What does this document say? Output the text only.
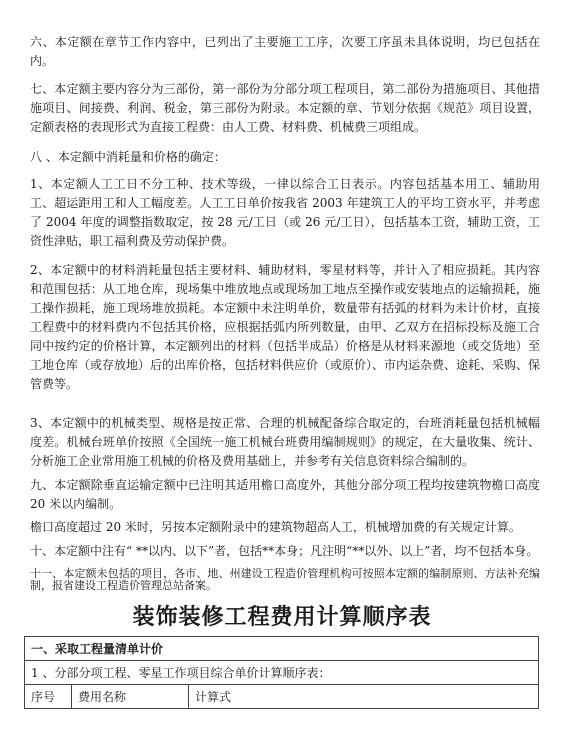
六、本定额在章节工作内容中，已列出了主要施工工序，次要工序虽未具体说明，均已包括在内。

七、本定额主要内容分为三部份，第一部份为分部分项工程项目，第二部份为措施项目、其他措施项目、间接费、利润、税金，第三部份为附录。本定额的章、节划分依据《规范》项目设置，定额表格的表现形式为直接工程费：由人工费、材料费、机械费三项组成。

八 、本定额中消耗量和价格的确定：

1、本定额人工工日不分工种、技术等级，一律以综合工日表示。内容包括基本用工、辅助用工、超运距用工和人工幅度差。人工工日单价按我省 2003 年建筑工人的平均工资水平，并考虑了 2004 年度的调整指数取定，按 28 元/工日（或 26 元/工日），包括基本工资，辅助工资，工资性津贴，职工福利费及劳动保护费。

2、本定额中的材料消耗量包括主要材料、辅助材料，零星材料等，并计入了相应损耗。其内容和范围包括：从工地仓库，现场集中堆放地点或现场加工地点至操作或安装地点的运输损耗，施工操作损耗，施工现场堆放损耗。本定额中未注明单价，数量带有括弧的材料为未计价材，直接工程费中的材料费内不包括其价格，应根据括弧内所列数量，由甲、乙双方在招标投标及施工合同中按约定的价格计算，本定额列出的材料（包括半成品）价格是从材料来源地（或交货地）至工地仓库（或存放地）后的出库价格，包括材料供应价（或原价）、市内运杂费、途耗、采购、保管费等。

3、本定额中的机械类型、规格是按正常、合理的机械配备综合取定的，台班消耗量包括机械幅度差。机械台班单价按照《全国统一施工机械台班费用编制规则》的规定，在大量收集、统计、分析施工企业常用施工机械的价格及费用基础上，并参考有关信息资料综合编制的。

九、本定额除垂直运输定额中已注明其适用檐口高度外，其他分部分项工程均按建筑物檐口高度 20 米以内编制。

檐口高度超过 20 米时，另按本定额附录中的建筑物超高人工，机械增加费的有关规定计算。

十、本定额中注有“ **以内、以下”者，包括**本身；凡注明“**以外、以上”者，均不包括本身。

十一、本定额未包括的项目，各市、地、州建设工程造价管理机构可按照本定额的编制原则、方法补充编制，报省建设工程造价管理总站备案。

装饰装修工程费用计算顺序表
一、采取工程量清单计价
1 、分部分项工程、零星工作项目综合单价计算顺序表：
序号	费用名称	计算式
